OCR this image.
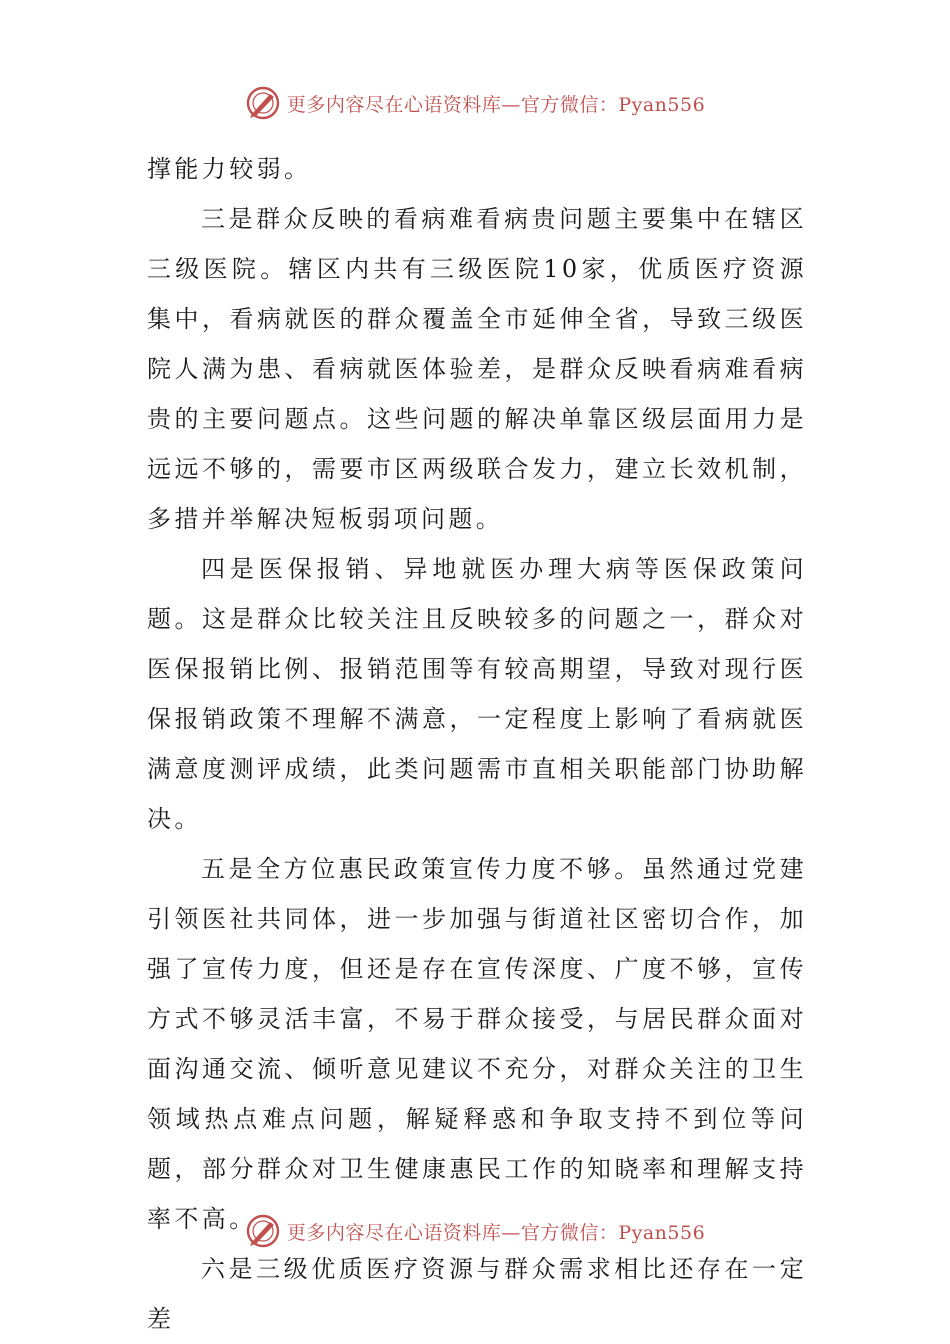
更多内容尽在心语资料库—官方微信：Pyan556

撑能力较弱。

三是群众反映的看病难看病贵问题主要集中在辖区三级医院。辖区内共有三级医院10家，优质医疗资源集中，看病就医的群众覆盖全市延伸全省，导致三级医院人满为患、看病就医体验差，是群众反映看病难看病贵的主要问题点。这些问题的解决单靠区级层面用力是远远不够的，需要市区两级联合发力，建立长效机制，多措并举解决短板弱项问题。

四是医保报销、异地就医办理大病等医保政策问题。这是群众比较关注且反映较多的问题之一，群众对医保报销比例、报销范围等有较高期望，导致对现行医保报销政策不理解不满意，一定程度上影响了看病就医满意度测评成绩，此类问题需市直相关职能部门协助解决。

五是全方位惠民政策宣传力度不够。虽然通过党建引领医社共同体，进一步加强与街道社区密切合作，加强了宣传力度，但还是存在宣传深度、广度不够，宣传方式不够灵活丰富，不易于群众接受，与居民群众面对面沟通交流、倾听意见建议不充分，对群众关注的卫生领域热点难点问题，解疑释惑和争取支持不到位等问题，部分群众对卫生健康惠民工作的知晓率和理解支持率不高。

六是三级优质医疗资源与群众需求相比还存在一定差

更多内容尽在心语资料库—官方微信：Pyan556
